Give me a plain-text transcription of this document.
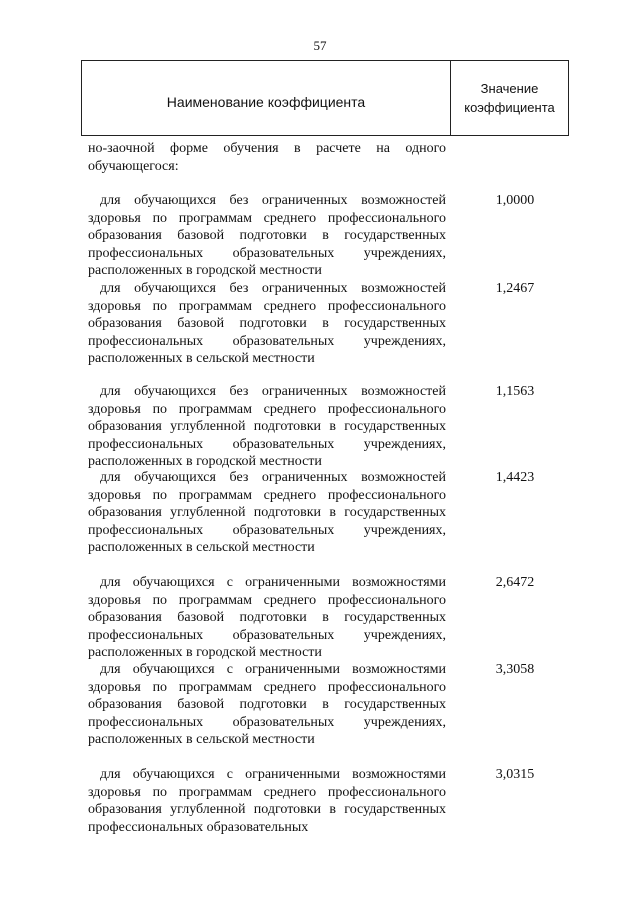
57
Наименование коэффициента
Значение
коэффициента
но-заочной форме обучения в расчете на одного обучающегося:
для обучающихся без ограниченных возможностей здоровья по программам среднего профессионального образования базовой подготовки в государственных профессиональных образовательных учреждениях, расположенных в городской местности
1,0000
для обучающихся без ограниченных возможностей здоровья по программам среднего профессионального образования базовой подготовки в государственных профессиональных образовательных учреждениях, расположенных в сельской местности
1,2467
для обучающихся без ограниченных возможностей здоровья по программам среднего профессионального образования углубленной подготовки в государственных профессиональных образовательных учреждениях, расположенных в городской местности
1,1563
для обучающихся без ограниченных возможностей здоровья по программам среднего профессионального образования углубленной подготовки в государственных профессиональных образовательных учреждениях, расположенных в сельской местности
1,4423
для обучающихся с ограниченными возможностями здоровья по программам среднего профессионального образования базовой подготовки в государственных профессиональных образовательных учреждениях, расположенных в городской местности
2,6472
для обучающихся с ограниченными возможностями здоровья по программам среднего профессионального образования базовой подготовки в государственных профессиональных образовательных учреждениях, расположенных в сельской местности
3,3058
для обучающихся с ограниченными возможностями здоровья по программам среднего профессионального образования углубленной подготовки в государственных профессиональных образовательных
3,0315
